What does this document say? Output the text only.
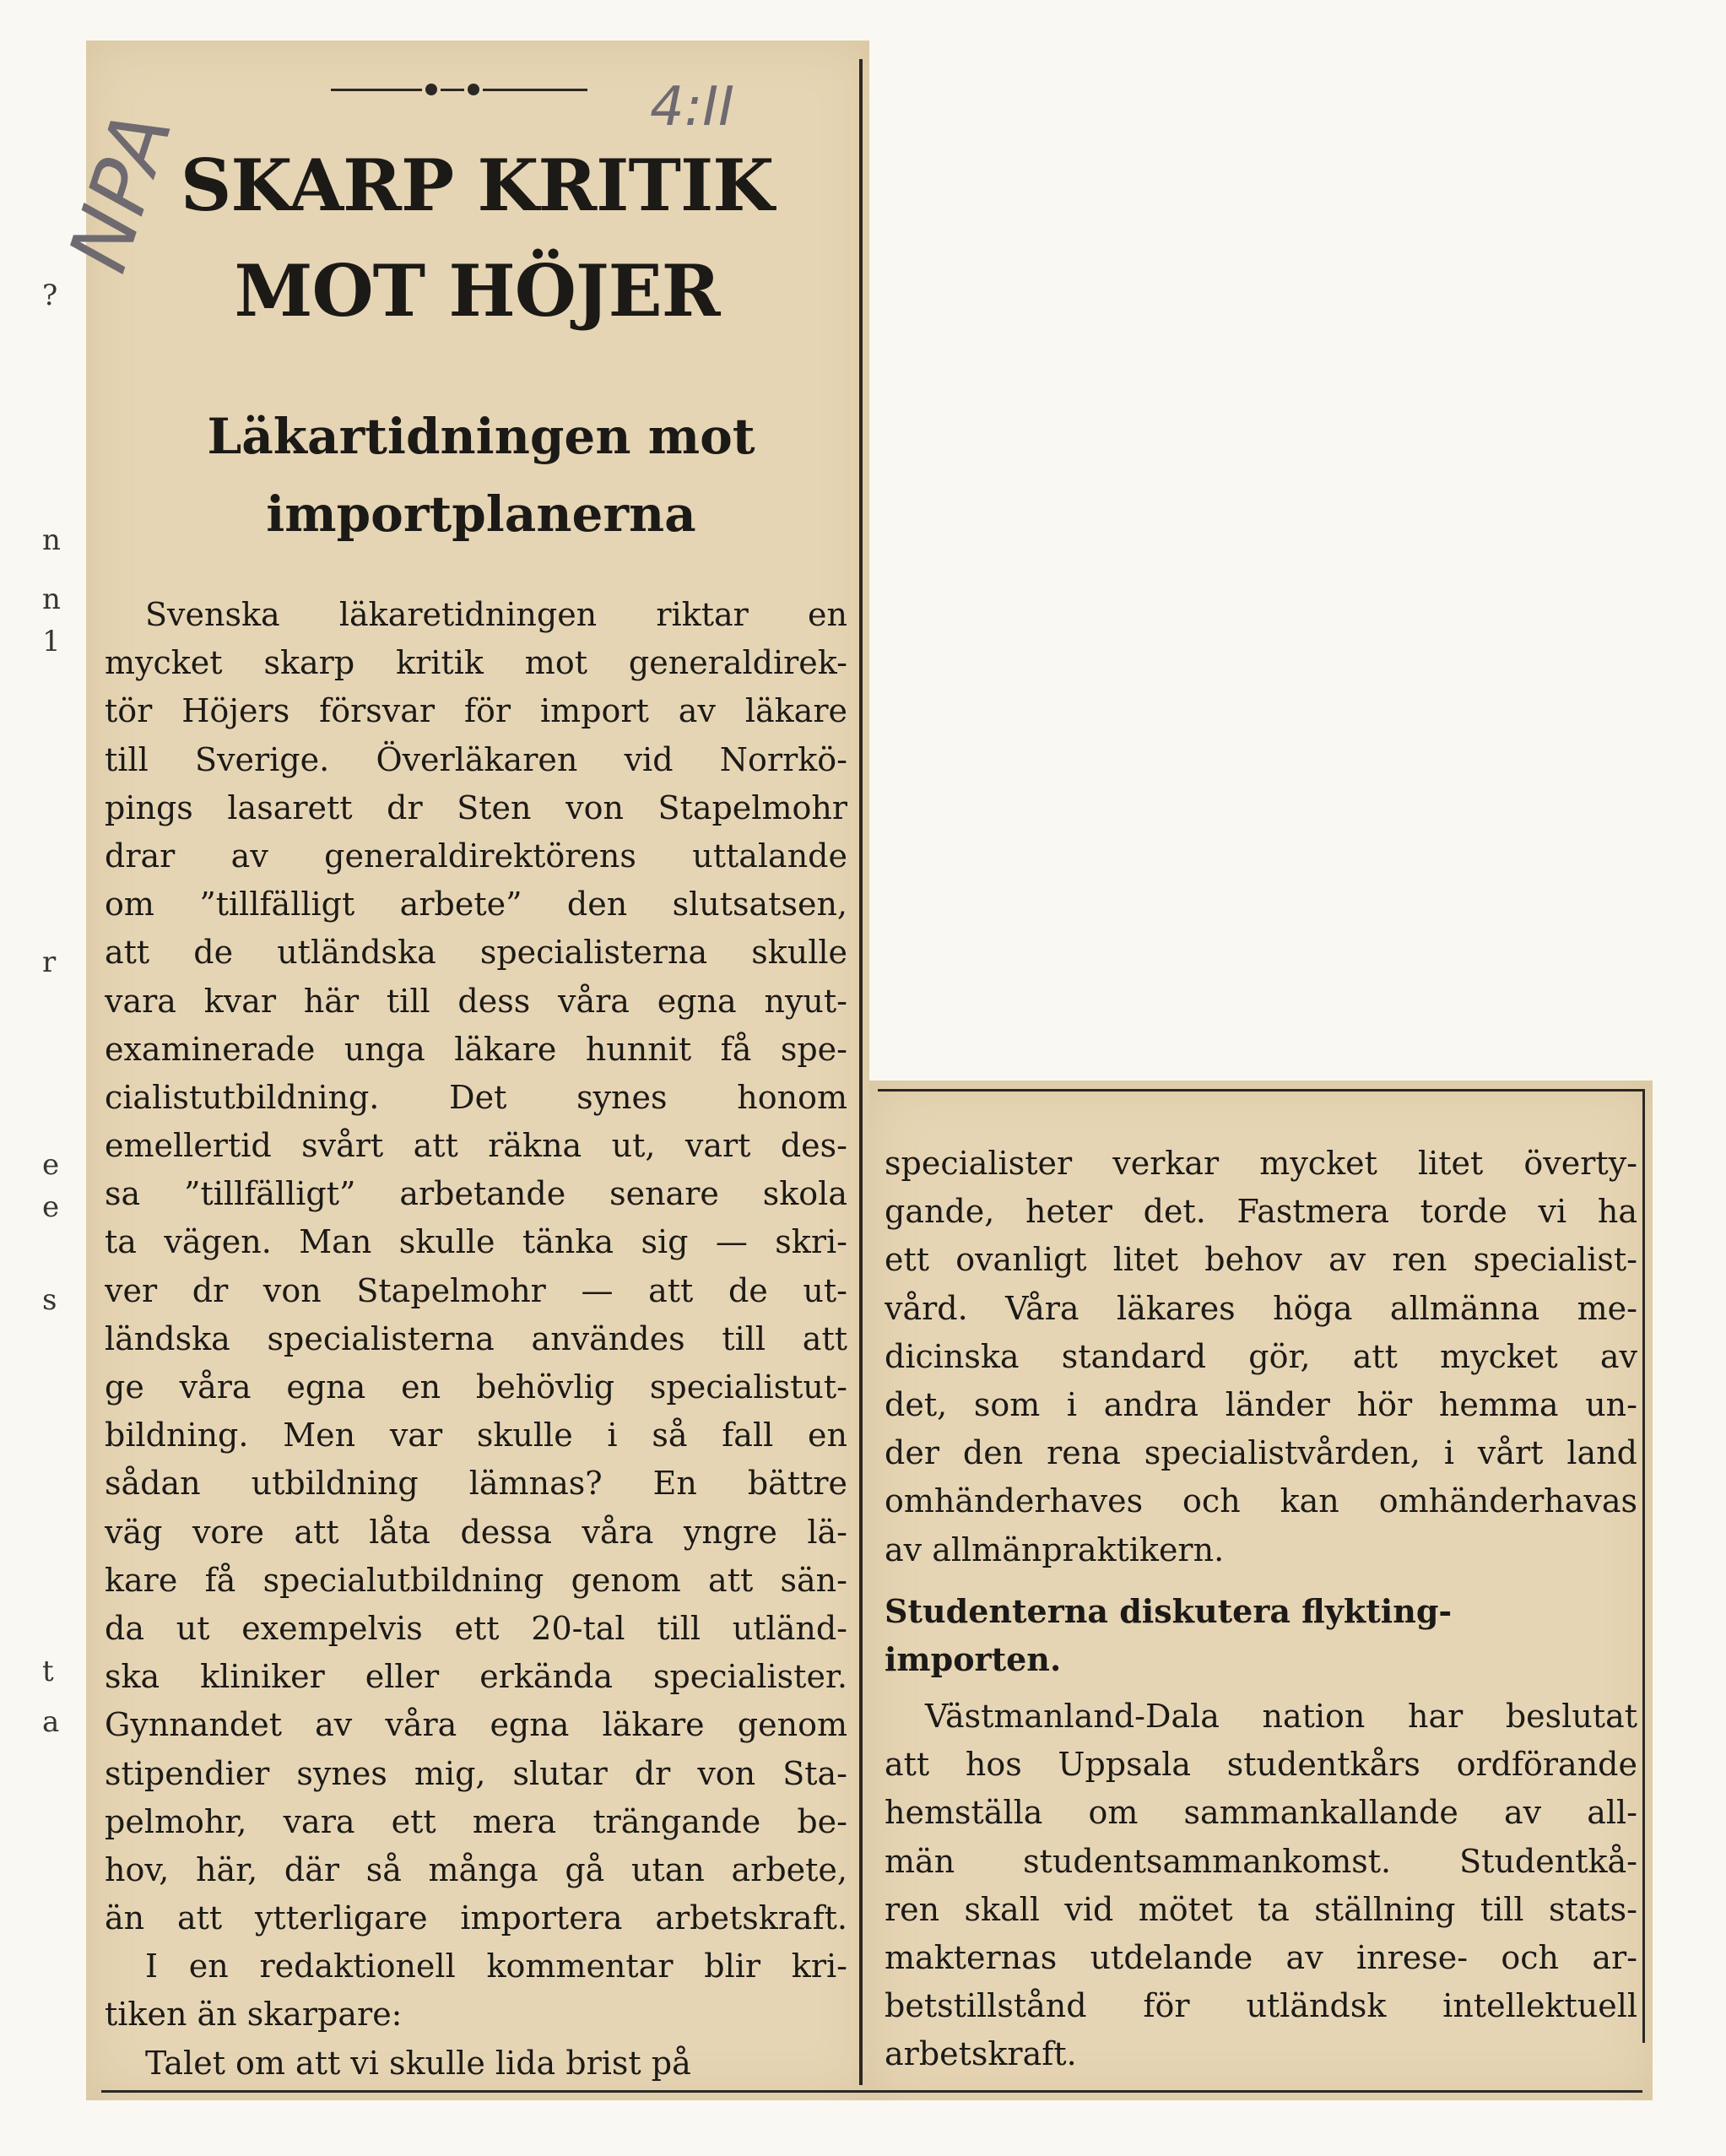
4:II
NPA
SKARP KRITIK
MOT HÖJER
Läkartidningen mot
importplanerna
Svenska läkaretidningen riktar en
mycket skarp kritik mot generaldirek-
tör Höjers försvar för import av läkare
till Sverige. Överläkaren vid Norrkö-
pings lasarett dr Sten von Stapelmohr
drar av generaldirektörens uttalande
om ”tillfälligt arbete” den slutsatsen,
att de utländska specialisterna skulle
vara kvar här till dess våra egna nyut-
examinerade unga läkare hunnit få spe-
cialistutbildning. Det synes honom
emellertid svårt att räkna ut, vart des-
sa ”tillfälligt” arbetande senare skola
ta vägen. Man skulle tänka sig — skri-
ver dr von Stapelmohr — att de ut-
ländska specialisterna användes till att
ge våra egna en behövlig specialistut-
bildning. Men var skulle i så fall en
sådan utbildning lämnas? En bättre
väg vore att låta dessa våra yngre lä-
kare få specialutbildning genom att sän-
da ut exempelvis ett 20-tal till utländ-
ska kliniker eller erkända specialister.
Gynnandet av våra egna läkare genom
stipendier synes mig, slutar dr von Sta-
pelmohr, vara ett mera trängande be-
hov, här, där så många gå utan arbete,
än att ytterligare importera arbetskraft.
I en redaktionell kommentar blir kri-
tiken än skarpare:
Talet om att vi skulle lida brist på
specialister verkar mycket litet överty-
gande, heter det. Fastmera torde vi ha
ett ovanligt litet behov av ren specialist-
vård. Våra läkares höga allmänna me-
dicinska standard gör, att mycket av
det, som i andra länder hör hemma un-
der den rena specialistvården, i vårt land
omhänderhaves och kan omhänderhavas
av allmänpraktikern.
Studenterna diskutera flykting-
importen.
Västmanland-Dala nation har beslutat
att hos Uppsala studentkårs ordförande
hemställa om sammankallande av all-
män studentsammankomst. Studentkå-
ren skall vid mötet ta ställning till stats-
makternas utdelande av inrese- och ar-
betstillstånd för utländsk intellektuell
arbetskraft.
?
n
n
1
r
e
e
s
t
a
